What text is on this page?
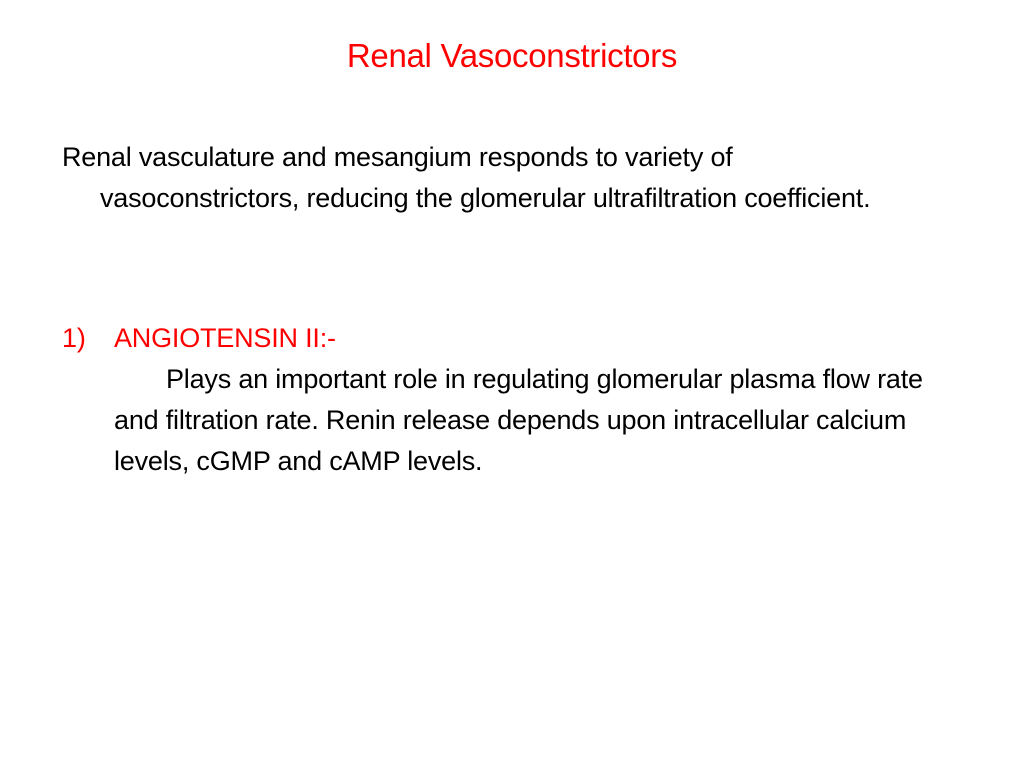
Renal Vasoconstrictors

Renal vasculature and mesangium responds to variety of vasoconstrictors, reducing the glomerular ultrafiltration coefficient.

1)	ANGIOTENSIN II:-

Plays an important role in regulating glomerular plasma flow rate and filtration rate. Renin release depends upon intracellular calcium levels, cGMP and cAMP levels.
